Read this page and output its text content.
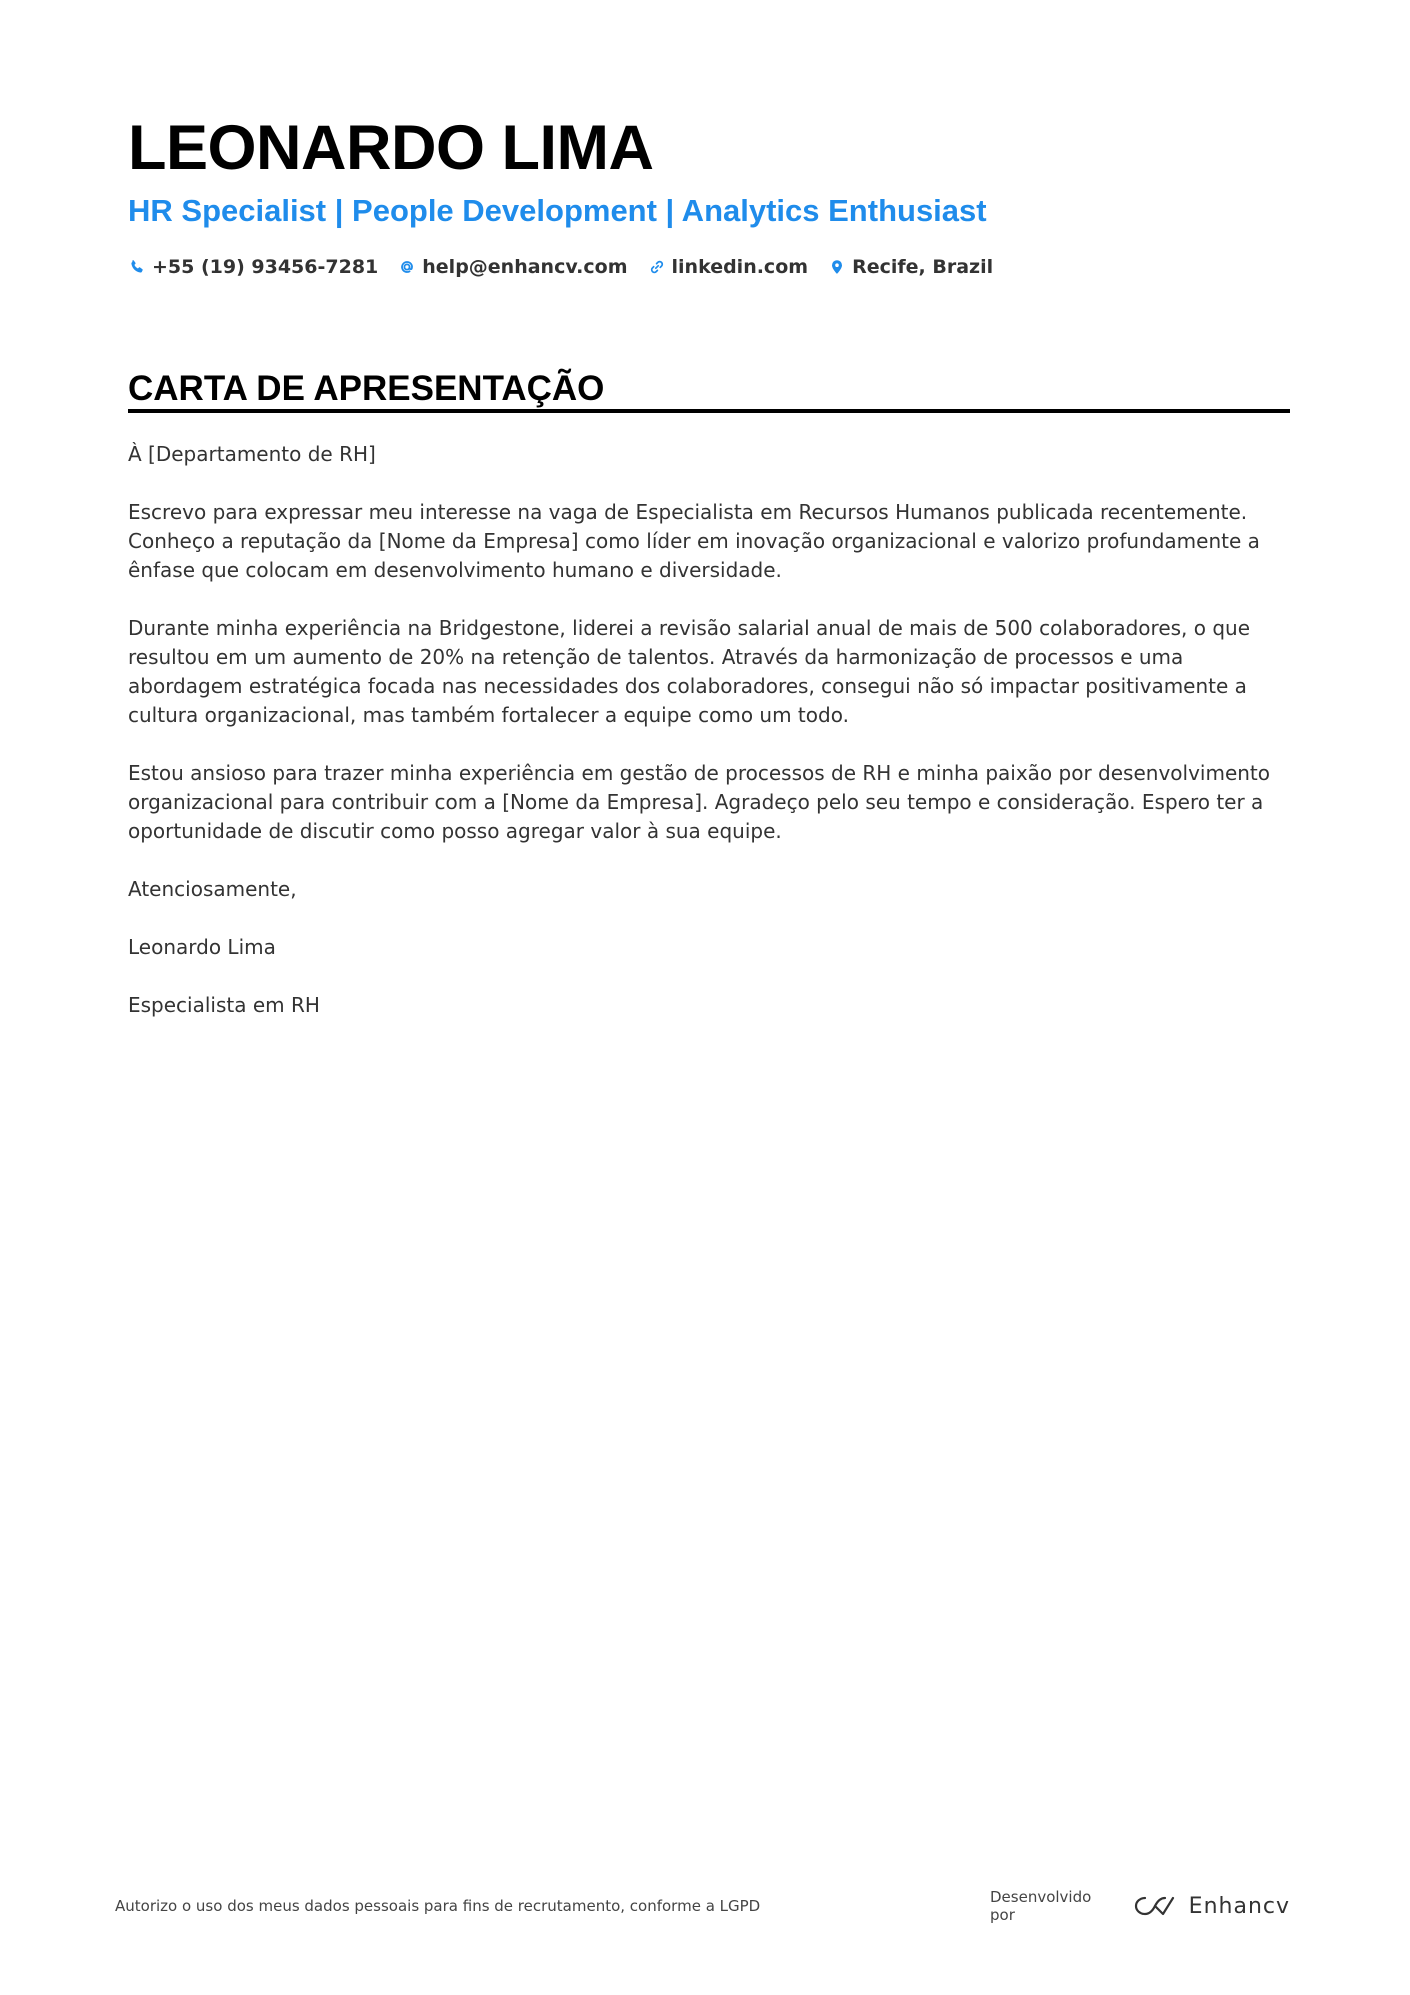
LEONARDO LIMA
HR Specialist | People Development | Analytics Enthusiast
+55 (19) 93456-7281 help@enhancv.com linkedin.com Recife, Brazil
CARTA DE APRESENTAÇÃO

À [Departamento de RH]

Escrevo para expressar meu interesse na vaga de Especialista em Recursos Humanos publicada recentemente. Conheço a reputação da [Nome da Empresa] como líder em inovação organizacional e valorizo profundamente a ênfase que colocam em desenvolvimento humano e diversidade.

Durante minha experiência na Bridgestone, liderei a revisão salarial anual de mais de 500 colaboradores, o que resultou em um aumento de 20% na retenção de talentos. Através da harmonização de processos e uma abordagem estratégica focada nas necessidades dos colaboradores, consegui não só impactar positivamente a cultura organizacional, mas também fortalecer a equipe como um todo.

Estou ansioso para trazer minha experiência em gestão de processos de RH e minha paixão por desenvolvimento organizacional para contribuir com a [Nome da Empresa]. Agradeço pelo seu tempo e consideração. Espero ter a oportunidade de discutir como posso agregar valor à sua equipe.

Atenciosamente,

Leonardo Lima

Especialista em RH

Autorizo o uso dos meus dados pessoais para fins de recrutamento, conforme a LGPD	Desenvolvido por	Enhancv
